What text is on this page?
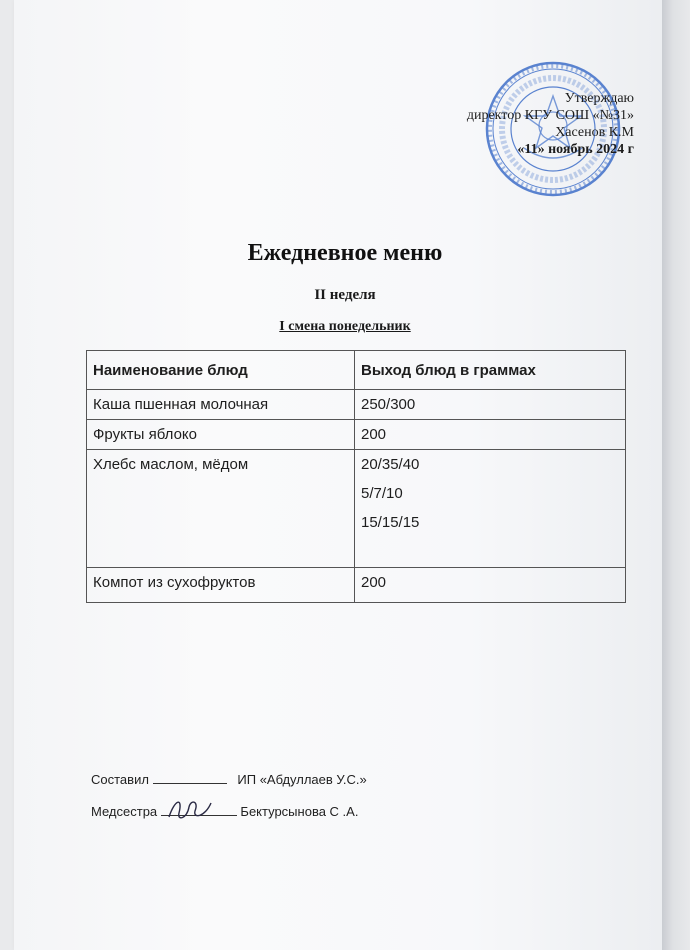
Утверждаю
директор КГУ СОШ «№31»
Хасенов К.М
«11» ноябрь 2024 г
Ежедневное меню
II неделя
I смена понедельник
Наименование блюд	Выход блюд в граммах
Каша пшенная молочная	250/300
Фрукты яблоко	200
Хлебс маслом, мёдом	20/35/40
5/7/10
15/15/15

Компот из сухофруктов	200
Составил	ИП «Абдуллаев У.С.»
Медсестра	Бектурсынова С .А.
